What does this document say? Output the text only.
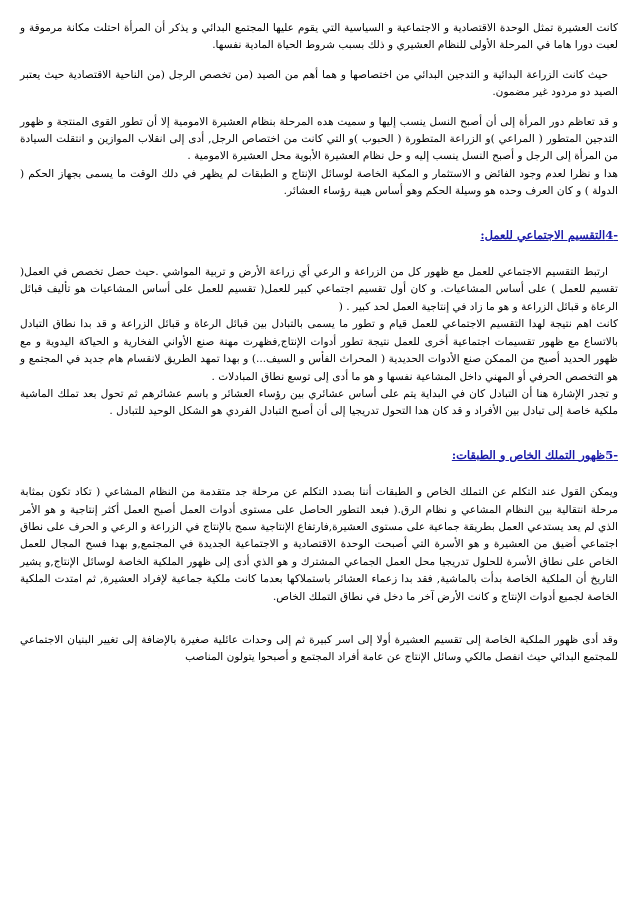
كانت العشيرة تمثل الوحدة الاقتصادية و الاجتماعية و السياسية التي يقوم عليها المجتمع البدائي و يذكر أن المرأة احتلت مكانة مرموقة و لعبت دورا هاما في المرحلة الأولى للنظام العشيري و ذلك بسبب شروط الحياة المادية نفسها.

حيث كانت الزراعة البدائية و التدجين البدائي من اختصاصها و هما أهم من الصيد (من تخصص الرجل (من الناحية الاقتصادية حيث يعتبر الصيد دو مردود غير مضمون.

و قد تعاظم دور المرأة إلى أن أصبح النسل ينسب إليها و سميت هده المرحلة بنظام العشيرة الامومية إلا أن تطور القوى المنتجة و ظهور التدجين المتطور ( المراعي )و الزراعة المتطورة ( الحبوب )و التي كانت من اختصاص الرجل, أدى إلى انقلاب الموازين و انتقلت السيادة من المرأة إلى الرجل و أصبح النسل ينسب إليه و حل نظام العشيرة الأبوية محل العشيرة الامومية .

هدا و نظرا لعدم وجود الفائض و الاستثمار و المكية الخاصة لوسائل الإنتاج و الطبقات لم يظهر في دلك الوقت ما يسمى بجهاز الحكم ( الدولة ) و كان العرف وحده هو وسيلة الحكم وهو أساس هيبة رؤساء العشائر.

-4التقسيم الاجتماعي للعمل:

ارتبط التقسيم الاجتماعي للعمل مع ظهور كل من الزراعة و الرعي أي زراعة الأرض و تربية المواشي .حيث حصل تخصص في العمل( تقسيم للعمل ) على أساس المشاعيات. و كان أول تقسيم اجتماعي كبير للعمل( تقسيم للعمل على أساس المشاعيات هو تأليف قبائل الرعاة و قبائل الزراعة و هو ما زاد في إنتاجية العمل لحد كبير . (

كانت اهم نتيجة لهدا التقسيم الاجتماعي للعمل قيام و تطور ما يسمى بالتبادل بين قبائل الرعاة و قبائل الزراعة و قد بدا نطاق التبادل بالاتساع مع ظهور تقسيمات اجتماعية أخرى للعمل نتيجة تطور أدوات الإنتاج,فظهرت مهنة صنع الأواني الفخارية و الحياكة اليدوية و مع ظهور الحديد أصبح من الممكن صنع الأدوات الحديدية ( المحراث الفأس و السيف...) و بهدا تمهد الطريق لانقسام هام جديد في المجتمع و هو التخصص الحرفي أو المهني داخل المشاعية نفسها و هو ما أدى إلى توسع نطاق المبادلات .

و تجدر الإشارة هنا أن التبادل كان في البداية يتم على أساس عشائري بين رؤساء العشائر و باسم عشائرهم ثم تحول بعد تملك الماشية ملكية خاصة إلى تبادل بين الأفراد و قد كان هدا التحول تدريجيا إلى أن أصبح التبادل الفردي هو الشكل الوحيد للتبادل .

-5ظهور التملك الخاص و الطبقات:

ويمكن القول عند التكلم عن التملك الخاص و الطبقات أننا بصدد التكلم عن مرحلة جد متقدمة من النظام المشاعي ( تكاد تكون بمثابة مرحلة انتقالية بين النظام المشاعي و نظام الرق.( فبعد التطور الحاصل على مستوى أدوات العمل أصبح العمل أكثر إنتاجية و هو الأمر الذي لم يعد يستدعي العمل بطريقة جماعية على مستوى العشيرة,فارتفاع الإنتاجية سمح بالإنتاج في الزراعة و الرعي و الحرف على نطاق اجتماعي أضيق من العشيرة و هو الأسرة التي أصبحت الوحدة الاقتصادية و الاجتماعية الجديدة في المجتمع,و بهدا فسح المجال للعمل الخاص على نطاق الأسرة للحلول تدريجيا محل العمل الجماعي المشترك و هو الذي أدى إلى ظهور الملكية الخاصة لوسائل الإنتاج,و يشير التاريخ أن الملكية الخاصة بدأت بالماشية, فقد بدا زعماء العشائر باستملاكها بعدما كانت ملكية جماعية لإفراد العشيرة, ثم امتدت الملكية الخاصة لجميع أدوات الإنتاج و كانت الأرض آخر ما دخل في نطاق التملك الخاص.

وقد أدى ظهور الملكية الخاصة إلى تقسيم العشيرة أولا إلى اسر كبيرة ثم إلى وحدات عائلية صغيرة بالإضافة إلى تغيير البنيان الاجتماعي للمجتمع البدائي حيث انفصل مالكي وسائل الإنتاج عن عامة أفراد المجتمع و أصبحوا يتولون المناصب
